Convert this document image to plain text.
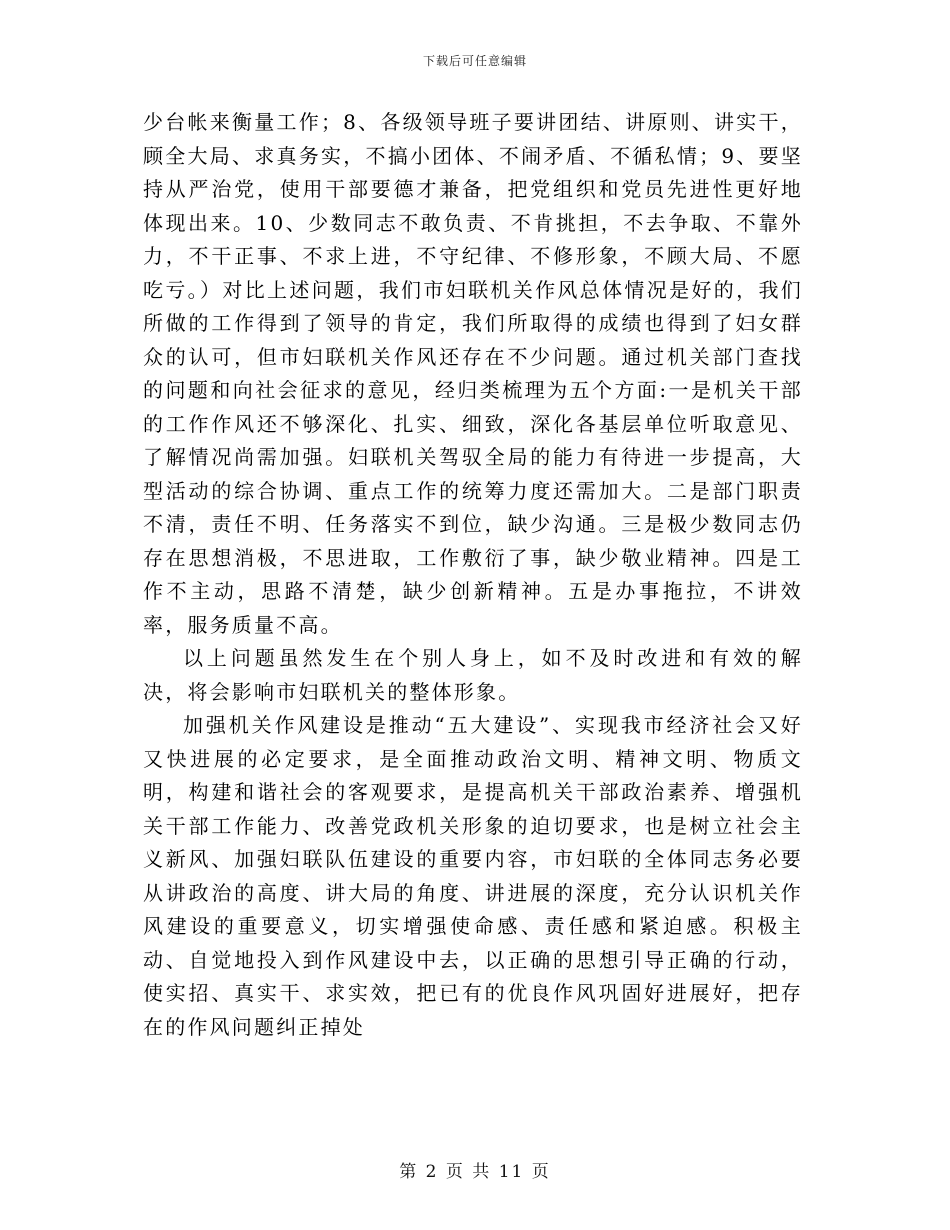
下载后可任意编辑

少台帐来衡量工作；8、各级领导班子要讲团结、讲原则、讲实干，顾全大局、求真务实，不搞小团体、不闹矛盾、不循私情；9、要坚持从严治党，使用干部要德才兼备，把党组织和党员先进性更好地体现出来。10、少数同志不敢负责、不肯挑担，不去争取、不靠外力，不干正事、不求上进，不守纪律、不修形象，不顾大局、不愿吃亏。）对比上述问题，我们市妇联机关作风总体情况是好的，我们所做的工作得到了领导的肯定，我们所取得的成绩也得到了妇女群众的认可，但市妇联机关作风还存在不少问题。通过机关部门查找的问题和向社会征求的意见，经归类梳理为五个方面:一是机关干部的工作作风还不够深化、扎实、细致，深化各基层单位听取意见、了解情况尚需加强。妇联机关驾驭全局的能力有待进一步提高，大型活动的综合协调、重点工作的统筹力度还需加大。二是部门职责不清，责任不明、任务落实不到位，缺少沟通。三是极少数同志仍存在思想消极，不思进取，工作敷衍了事，缺少敬业精神。四是工作不主动，思路不清楚，缺少创新精神。五是办事拖拉，不讲效率，服务质量不高。

以上问题虽然发生在个别人身上，如不及时改进和有效的解决，将会影响市妇联机关的整体形象。

加强机关作风建设是推动“五大建设”、实现我市经济社会又好又快进展的必定要求，是全面推动政治文明、精神文明、物质文明，构建和谐社会的客观要求，是提高机关干部政治素养、增强机关干部工作能力、改善党政机关形象的迫切要求，也是树立社会主义新风、加强妇联队伍建设的重要内容，市妇联的全体同志务必要从讲政治的高度、讲大局的角度、讲进展的深度，充分认识机关作风建设的重要意义，切实增强使命感、责任感和紧迫感。积极主动、自觉地投入到作风建设中去，以正确的思想引导正确的行动，使实招、真实干、求实效，把已有的优良作风巩固好进展好，把存在的作风问题纠正掉处

第 2 页 共 11 页
